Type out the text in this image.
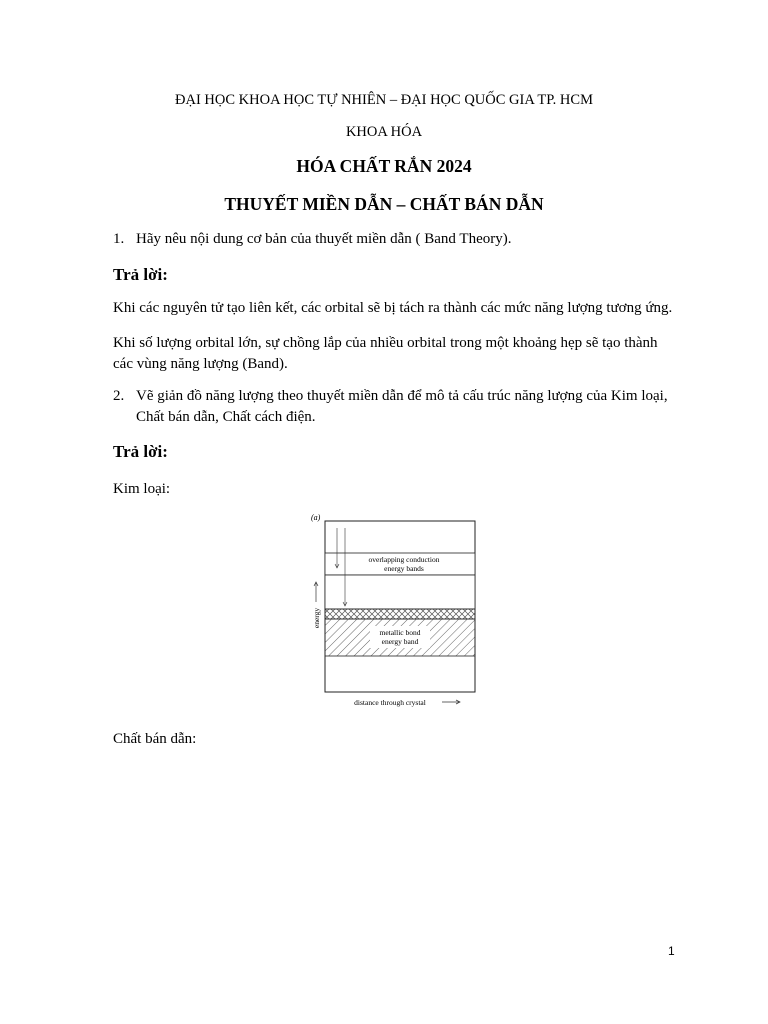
ĐẠI HỌC KHOA HỌC TỰ NHIÊN – ĐẠI HỌC QUỐC GIA TP. HCM
KHOA HÓA
HÓA CHẤT RẮN 2024
THUYẾT MIỀN DẪN – CHẤT BÁN DẪN
1. Hãy nêu nội dung cơ bản của thuyết miền dẫn ( Band Theory).
Trả lời:
Khi các nguyên tử tạo liên kết, các orbital sẽ bị tách ra thành các mức năng lượng tương ứng.
Khi số lượng orbital lớn, sự chồng lắp của nhiều orbital trong một khoảng hẹp sẽ tạo thành
các vùng năng lượng (Band).
2. Vẽ giản đồ năng lượng theo thuyết miền dẫn để mô tả cấu trúc năng lượng của Kim loại,
Chất bán dẫn, Chất cách điện.
Trả lời:
Kim loại:
(a)
overlapping conduction
energy bands
metallic bond
energy band
energy
distance through crystal
Chất bán dẫn:
1
